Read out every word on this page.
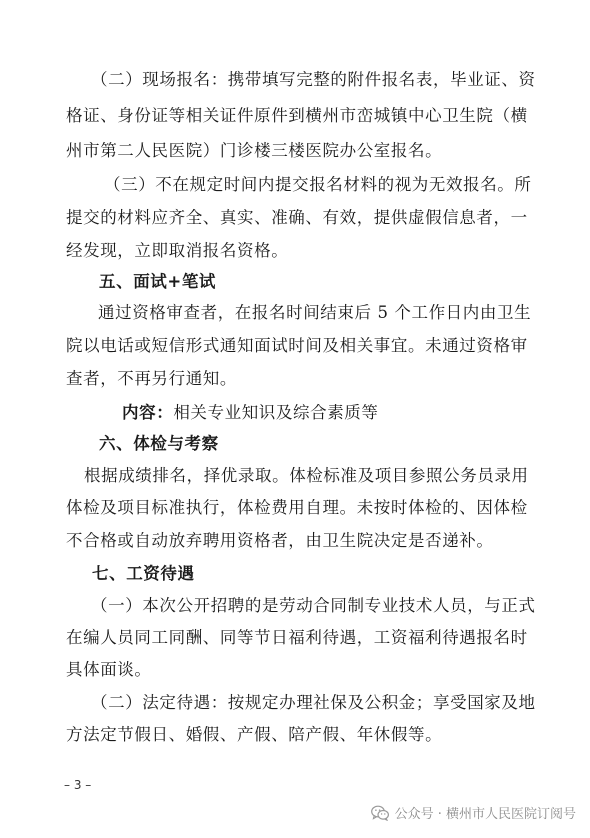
（二）现场报名：携带填写完整的附件报名表，毕业证、资
格证、身份证等相关证件原件到横州市峦城镇中心卫生院（横
州市第二人民医院）门诊楼三楼医院办公室报名。
（三）不在规定时间内提交报名材料的视为无效报名。所
提交的材料应齐全、真实、准确、有效，提供虚假信息者，一
经发现，立即取消报名资格。
五、面试+笔试
通过资格审查者，在报名时间结束后 5 个工作日内由卫生
院以电话或短信形式通知面试时间及相关事宜。未通过资格审
查者，不再另行通知。
内容：相关专业知识及综合素质等
六、体检与考察
根据成绩排名，择优录取。体检标准及项目参照公务员录用
体检及项目标准执行，体检费用自理。未按时体检的、因体检
不合格或自动放弃聘用资格者，由卫生院决定是否递补。
七、工资待遇
（一）本次公开招聘的是劳动合同制专业技术人员，与正式
在编人员同工同酬、同等节日福利待遇，工资福利待遇报名时
具体面谈。
（二）法定待遇：按规定办理社保及公积金；享受国家及地
方法定节假日、婚假、产假、陪产假、年休假等。
– 3 –
公众号 · 横州市人民医院订阅号
